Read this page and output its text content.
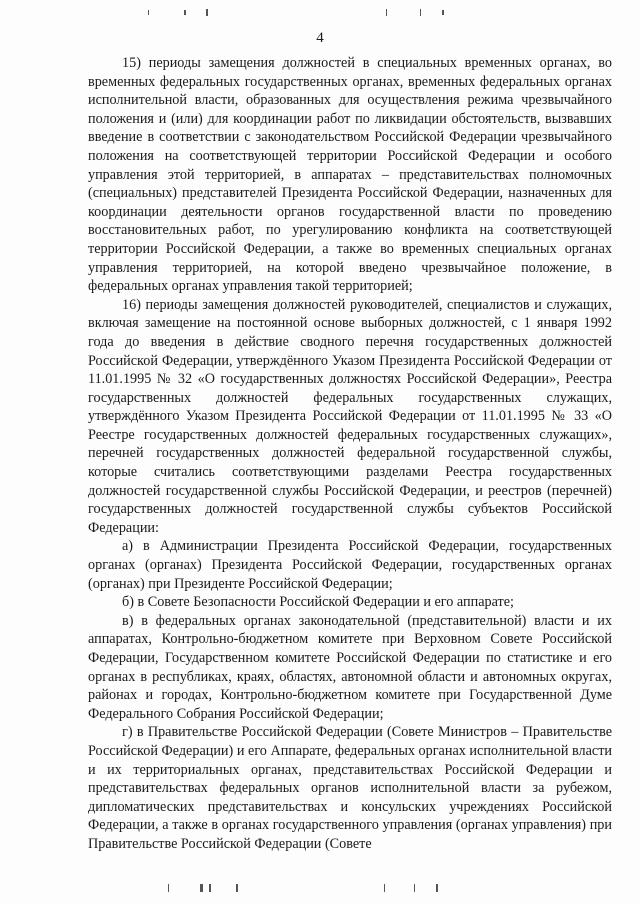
4

15) периоды замещения должностей в специальных временных органах, во временных федеральных государственных органах, временных федеральных органах исполнительной власти, образованных для осуществления режима чрезвычайного положения и (или) для координации работ по ликвидации обстоятельств, вызвавших введение в соответствии с законодательством Российской Федерации чрезвычайного положения на соответствующей территории Российской Федерации и особого управления этой территорией, в аппаратах – представительствах полномочных (специальных) представителей Президента Российской Федерации, назначенных для координации деятельности органов государственной власти по проведению восстановительных работ, по урегулированию конфликта на соответствующей территории Российской Федерации, а также во временных специальных органах управления территорией, на которой введено чрезвычайное положение, в федеральных органах управления такой территорией;

16) периоды замещения должностей руководителей, специалистов и служащих, включая замещение на постоянной основе выборных должностей, с 1 января 1992 года до введения в действие сводного перечня государственных должностей Российской Федерации, утверждённого Указом Президента Российской Федерации от 11.01.1995 № 32 «О государственных должностях Российской Федерации», Реестра государственных должностей федеральных государственных служащих, утверждённого Указом Президента Российской Федерации от 11.01.1995 № 33 «О Реестре государственных должностей федеральных государственных служащих», перечней государственных должностей федеральной государственной службы, которые считались соответствующими разделами Реестра государственных должностей государственной службы Российской Федерации, и реестров (перечней) государственных должностей государственной службы субъектов Российской Федерации:

а) в Администрации Президента Российской Федерации, государственных органах (органах) Президента Российской Федерации, государственных органах (органах) при Президенте Российской Федерации;

б) в Совете Безопасности Российской Федерации и его аппарате;

в) в федеральных органах законодательной (представительной) власти и их аппаратах, Контрольно-бюджетном комитете при Верховном Совете Российской Федерации, Государственном комитете Российской Федерации по статистике и его органах в республиках, краях, областях, автономной области и автономных округах, районах и городах, Контрольно-бюджетном комитете при Государственной Думе Федерального Собрания Российской Федерации;

г) в Правительстве Российской Федерации (Совете Министров – Правительстве Российской Федерации) и его Аппарате, федеральных органах исполнительной власти и их территориальных органах, представительствах Российской Федерации и представительствах федеральных органов исполнительной власти за рубежом, дипломатических представительствах и консульских учреждениях Российской Федерации, а также в органах государственного управления (органах управления) при Правительстве Российской Федерации (Совете
